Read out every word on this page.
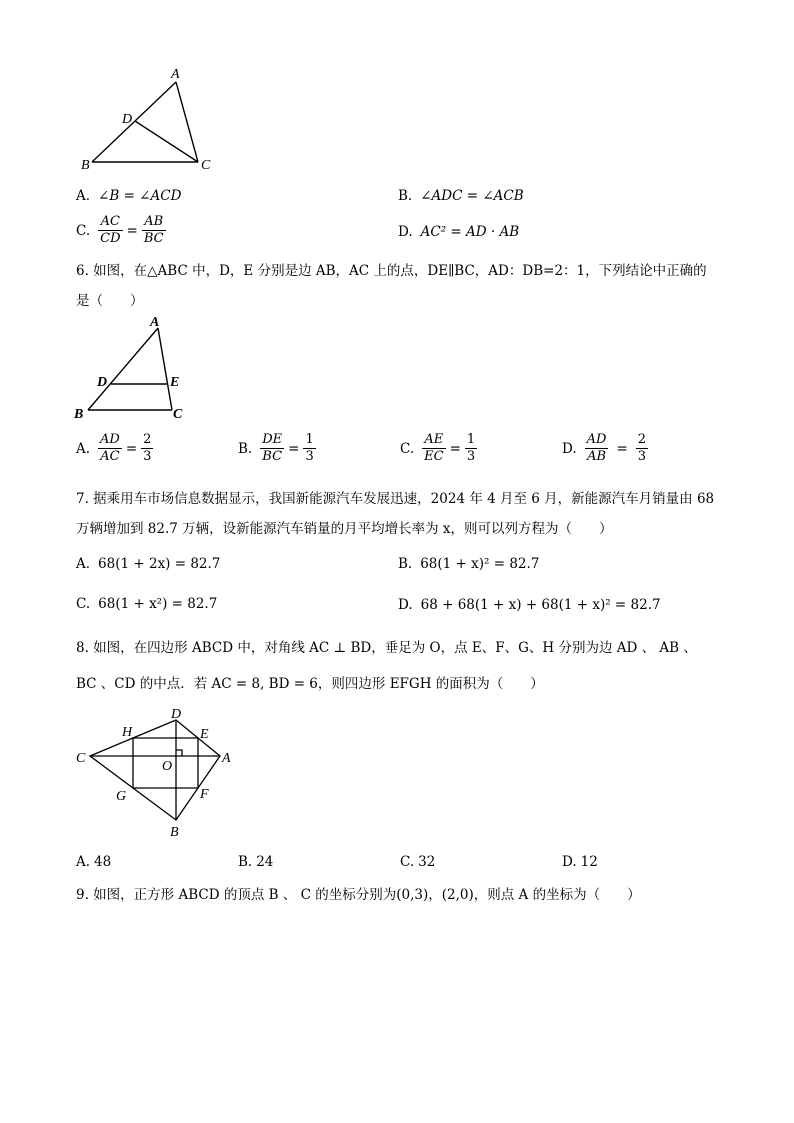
A
D
B	C
A. ∠B = ∠ACD	B. ∠ADC = ∠ACB
C. $\frac{AC}{CD} = \frac{AB}{BC}$	D. AC² = AD · AB
6. 如图，在△ABC 中，D，E 分别是边 AB，AC 上的点，DE∥BC，AD：DB=2：1，下列结论中正确的
是（　　）
A
D	E
B	C
A. $\frac{AD}{AC} = \frac{2}{3}$	B. $\frac{DE}{BC} = \frac{1}{3}$	C. $\frac{AE}{EC} = \frac{1}{3}$	D. $\frac{AD}{AB} = \frac{2}{3}$
7. 据乘用车市场信息数据显示，我国新能源汽车发展迅速，2024 年 4 月至 6 月，新能源汽车月销量由 68
万辆增加到 82.7 万辆，设新能源汽车销量的月平均增长率为 x，则可以列方程为（　　）
A. 68(1 + 2x) = 82.7	B. 68(1 + x)² = 82.7
C. 68(1 + x²) = 82.7	D. 68 + 68(1 + x) + 68(1 + x)² = 82.7
8. 如图，在四边形 ABCD 中，对角线 AC ⊥ BD，垂足为 O，点 E、F、G、H 分别为边 AD 、 AB 、
BC 、CD 的中点．若 AC = 8, BD = 6，则四边形 EFGH 的面积为（　　）
D
H	E
C	A
O
G	F
B
A. 48	B. 24	C. 32	D. 12
9. 如图，正方形 ABCD 的顶点 B 、 C 的坐标分别为(0,3)，(2,0)，则点 A 的坐标为（　　）
